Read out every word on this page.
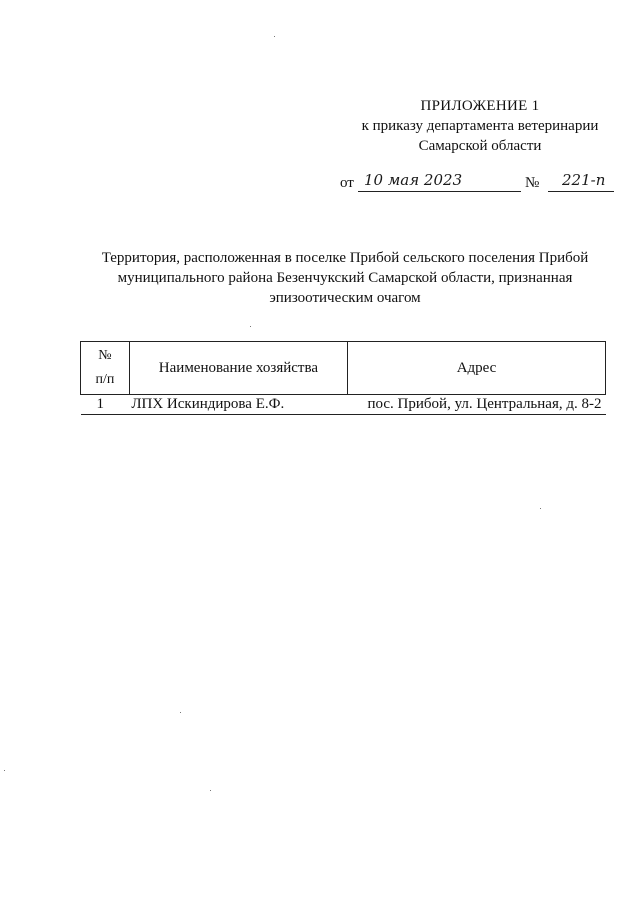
ПРИЛОЖЕНИЕ 1
к приказу департамента ветеринарии
Самарской области
от 10 мая 2023	№ 221-п
Территория, расположенная в поселке Прибой сельского поселения Прибой
муниципального района Безенчукский Самарской области, признанная
эпизоотическим очагом
№
п/п	Наименование хозяйства	Адрес
1	ЛПХ Искиндирова Е.Ф.	пос. Прибой, ул. Центральная, д. 8-2
